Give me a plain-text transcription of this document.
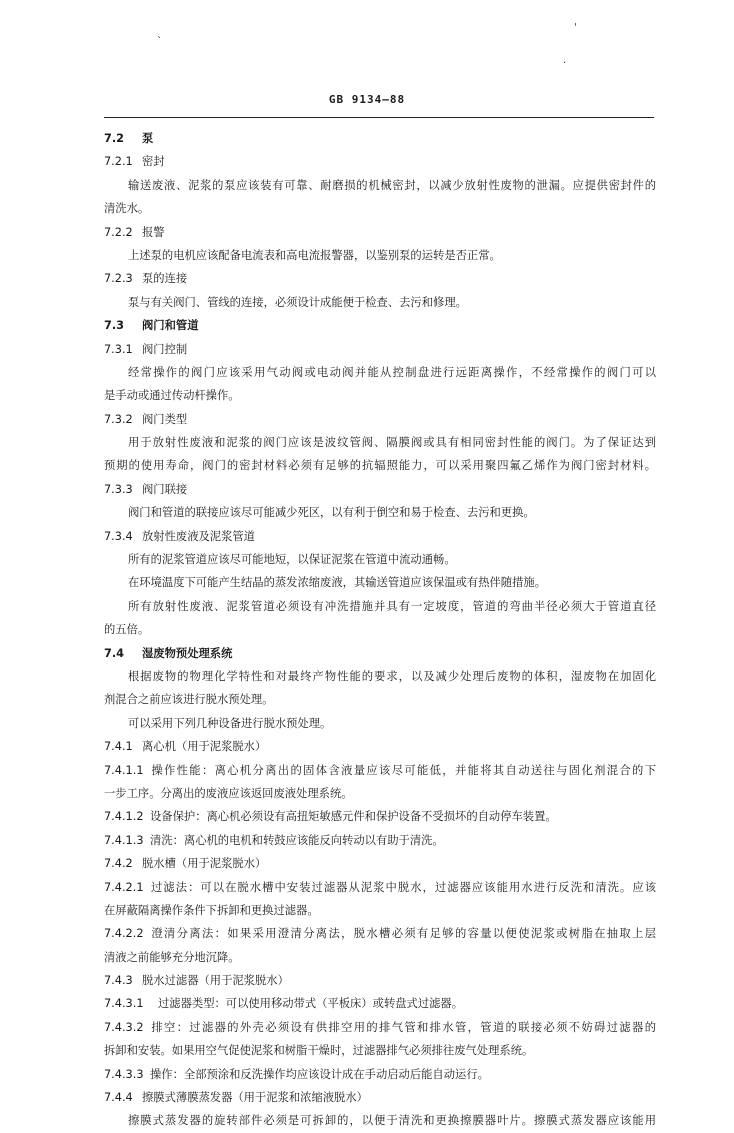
'
`
·
GB 9134—88
7.2 泵
7.2.1 密封
输送废液、泥浆的泵应该装有可靠、耐磨损的机械密封，以减少放射性废物的泄漏。应提供密封件的
清洗水。
7.2.2 报警
上述泵的电机应该配备电流表和高电流报警器，以鉴别泵的运转是否正常。
7.2.3 泵的连接
泵与有关阀门、管线的连接，必须设计成能便于检查、去污和修理。
7.3 阀门和管道
7.3.1 阀门控制
经常操作的阀门应该采用气动阀或电动阀并能从控制盘进行远距离操作，不经常操作的阀门可以
是手动或通过传动杆操作。
7.3.2 阀门类型
用于放射性废液和泥浆的阀门应该是波纹管阀、隔膜阀或具有相同密封性能的阀门。为了保证达到
预期的使用寿命，阀门的密封材料必须有足够的抗辐照能力，可以采用聚四氟乙烯作为阀门密封材料。
7.3.3 阀门联接
阀门和管道的联接应该尽可能减少死区，以有利于倒空和易于检查、去污和更换。
7.3.4 放射性废液及泥浆管道
所有的泥浆管道应该尽可能地短，以保证泥浆在管道中流动通畅。
在环境温度下可能产生结晶的蒸发浓缩废液，其输送管道应该保温或有热伴随措施。
所有放射性废液、泥浆管道必须设有冲洗措施并具有一定坡度，管道的弯曲半径必须大于管道直径
的五倍。
7.4 湿废物预处理系统
根据废物的物理化学特性和对最终产物性能的要求，以及减少处理后废物的体积，湿废物在加固化
剂混合之前应该进行脱水预处理。
可以采用下列几种设备进行脱水预处理。
7.4.1 离心机（用于泥浆脱水）
7.4.1.1 操作性能：离心机分离出的固体含液量应该尽可能低，并能将其自动送往与固化剂混合的下
一步工序。分离出的废液应该返回废液处理系统。
7.4.1.2 设备保护：离心机必须设有高扭矩敏感元件和保护设备不受损坏的自动停车装置。
7.4.1.3 清洗：离心机的电机和转鼓应该能反向转动以有助于清洗。
7.4.2 脱水槽（用于泥浆脱水）
7.4.2.1 过滤法：可以在脱水槽中安装过滤器从泥浆中脱水，过滤器应该能用水进行反洗和清洗。应该
在屏蔽隔离操作条件下拆卸和更换过滤器。
7.4.2.2 澄清分离法：如果采用澄清分离法，脱水槽必须有足够的容量以便使泥浆或树脂在抽取上层
清液之前能够充分地沉降。
7.4.3 脱水过滤器（用于泥浆脱水）
7.4.3.1 过滤器类型：可以使用移动带式（平板床）或转盘式过滤器。
7.4.3.2 排空：过滤器的外壳必须设有供排空用的排气管和排水管，管道的联接必须不妨碍过滤器的
拆卸和安装。如果用空气促使泥浆和树脂干燥时，过滤器排气必须排往废气处理系统。
7.4.3.3 操作：全部预涂和反洗操作均应该设计成在手动启动后能自动运行。
7.4.4 擦膜式薄膜蒸发器（用于泥浆和浓缩液脱水）
擦膜式蒸发器的旋转部件必须是可拆卸的，以便于清洗和更换擦膜器叶片。擦膜式蒸发器应该能用
